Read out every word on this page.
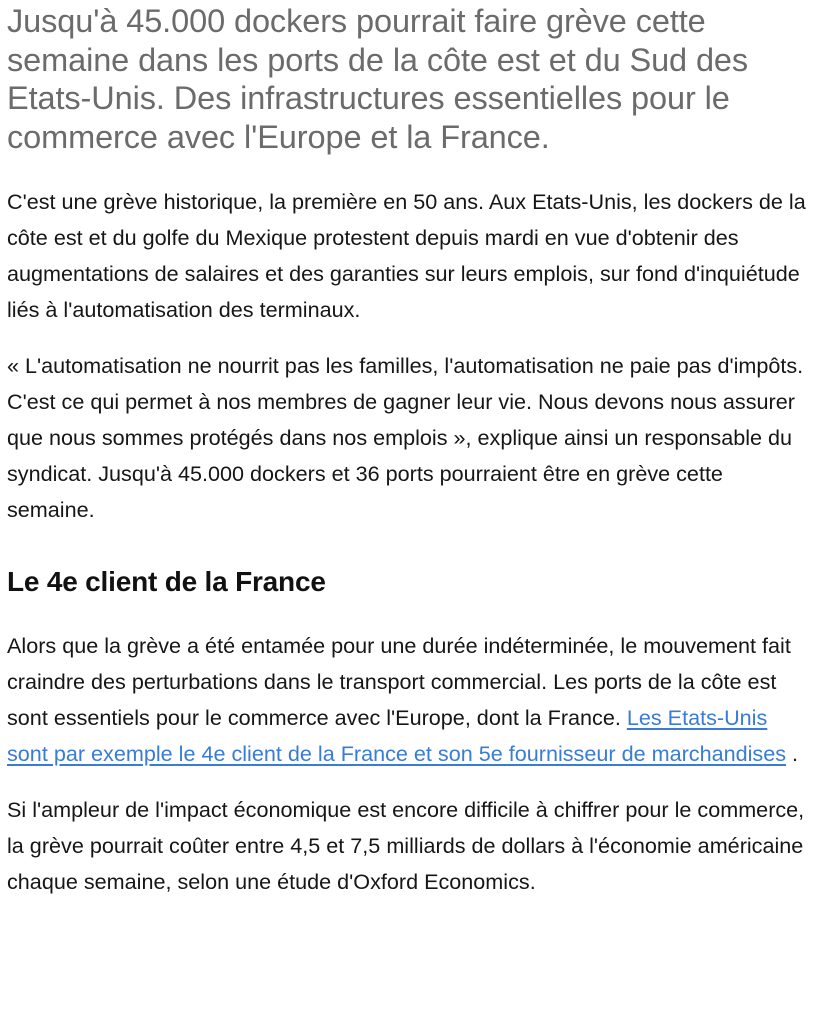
Jusqu'à 45.000 dockers pourrait faire grève cette semaine dans les ports de la côte est et du Sud des Etats-Unis. Des infrastructures essentielles pour le commerce avec l'Europe et la France.

C'est une grève historique, la première en 50 ans. Aux Etats-Unis, les dockers de la côte est et du golfe du Mexique protestent depuis mardi en vue d'obtenir des augmentations de salaires et des garanties sur leurs emplois, sur fond d'inquiétude liés à l'automatisation des terminaux.

« L'automatisation ne nourrit pas les familles, l'automatisation ne paie pas d'impôts. C'est ce qui permet à nos membres de gagner leur vie. Nous devons nous assurer que nous sommes protégés dans nos emplois », explique ainsi un responsable du syndicat. Jusqu'à 45.000 dockers et 36 ports pourraient être en grève cette semaine.

Le 4e client de la France

Alors que la grève a été entamée pour une durée indéterminée, le mouvement fait craindre des perturbations dans le transport commercial. Les ports de la côte est sont essentiels pour le commerce avec l'Europe, dont la France. Les Etats-Unis sont par exemple le 4e client de la France et son 5e fournisseur de marchandises .

Si l'ampleur de l'impact économique est encore difficile à chiffrer pour le commerce, la grève pourrait coûter entre 4,5 et 7,5 milliards de dollars à l'économie américaine chaque semaine, selon une étude d'Oxford Economics.
